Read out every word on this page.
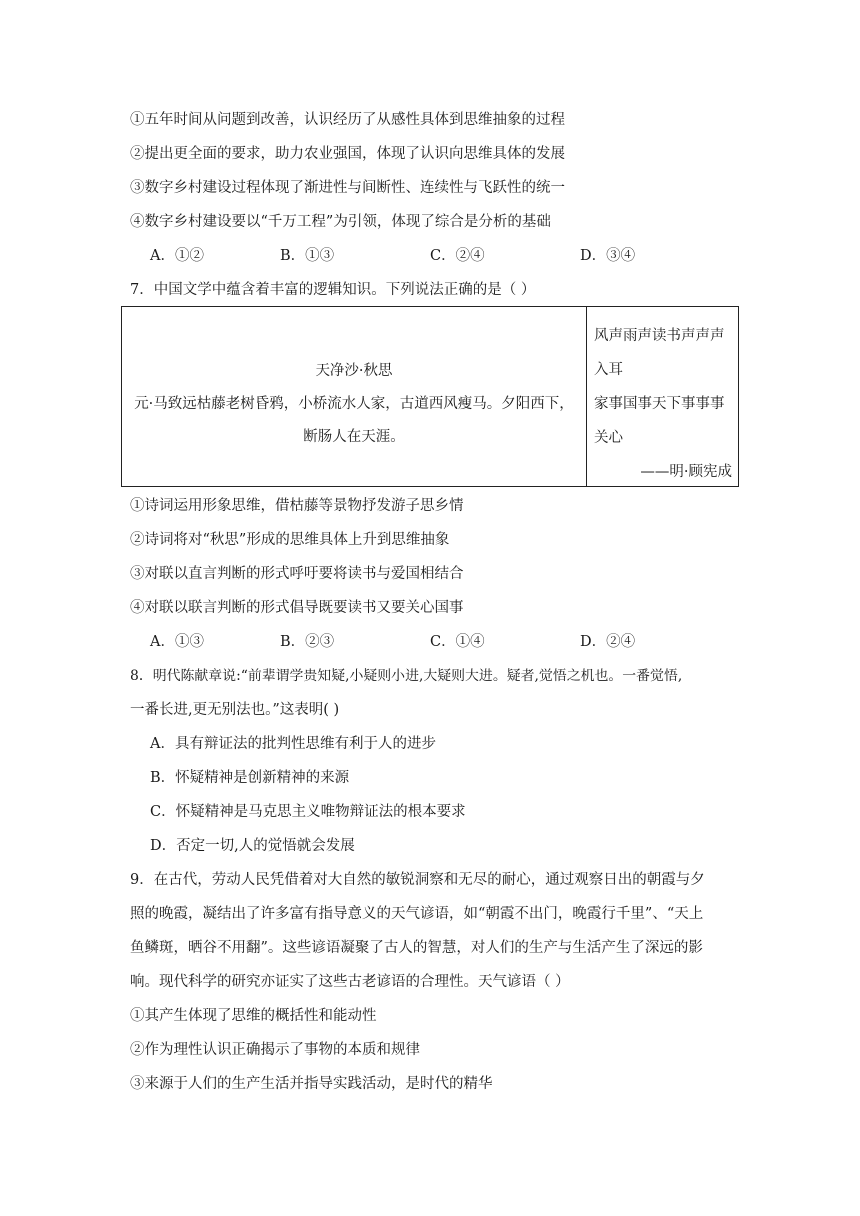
①五年时间从问题到改善，认识经历了从感性具体到思维抽象的过程
②提出更全面的要求，助力农业强国，体现了认识向思维具体的发展
③数字乡村建设过程体现了渐进性与间断性、连续性与飞跃性的统一
④数字乡村建设要以“千万工程”为引领，体现了综合是分析的基础
A．①②	B．①③	C．②④	D．③④
7．中国文学中蕴含着丰富的逻辑知识。下列说法正确的是（ ）
天净沙·秋思
元·马致远枯藤老树昏鸦，小桥流水人家，古道西风瘦马。夕阳西下，
断肠人在天涯。
风声雨声读书声声声
入耳
家事国事天下事事事
关心
——明·顾宪成
①诗词运用形象思维，借枯藤等景物抒发游子思乡情
②诗词将对“秋思”形成的思维具体上升到思维抽象
③对联以直言判断的形式呼吁要将读书与爱国相结合
④对联以联言判断的形式倡导既要读书又要关心国事
A．①③	B．②③	C．①④	D．②④
8．明代陈献章说:“前辈谓学贵知疑,小疑则小进,大疑则大进。疑者,觉悟之机也。一番觉悟,
一番长进,更无别法也。”这表明( )
A．具有辩证法的批判性思维有利于人的进步
B．怀疑精神是创新精神的来源
C．怀疑精神是马克思主义唯物辩证法的根本要求
D．否定一切,人的觉悟就会发展
9．在古代，劳动人民凭借着对大自然的敏锐洞察和无尽的耐心，通过观察日出的朝霞与夕
照的晚霞，凝结出了许多富有指导意义的天气谚语，如“朝霞不出门，晚霞行千里”、“天上
鱼鳞斑，晒谷不用翻”。这些谚语凝聚了古人的智慧，对人们的生产与生活产生了深远的影
响。现代科学的研究亦证实了这些古老谚语的合理性。天气谚语（ ）
①其产生体现了思维的概括性和能动性
②作为理性认识正确揭示了事物的本质和规律
③来源于人们的生产生活并指导实践活动，是时代的精华
